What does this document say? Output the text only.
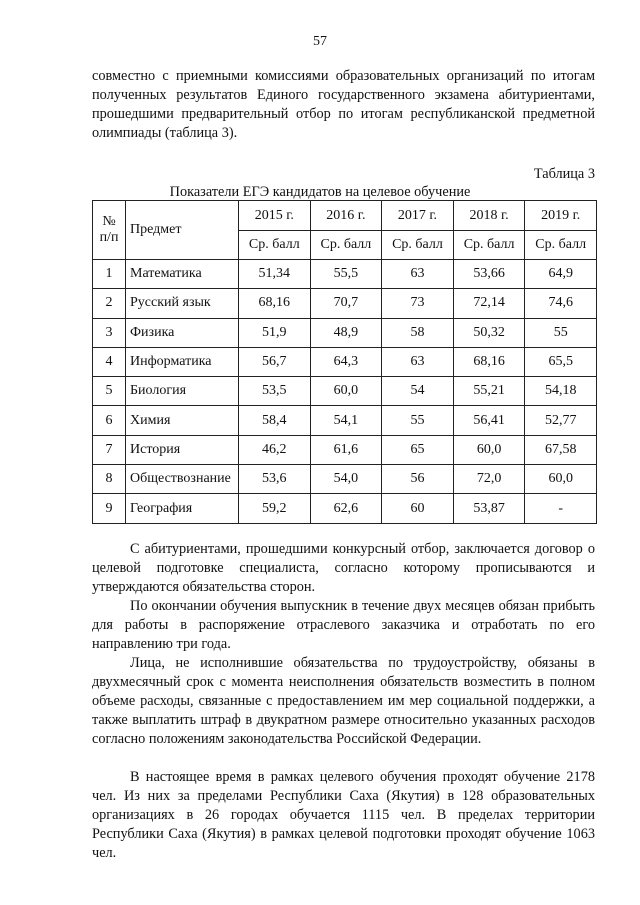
57

совместно с приемными комиссиями образовательных организаций по итогам полученных результатов Единого государственного экзамена абитуриентами, прошедшими предварительный отбор по итогам республиканской предметной олимпиады (таблица 3).

Таблица 3
Показатели ЕГЭ кандидатов на целевое обучение
№ п/п	Предмет	2015 г.	2016 г.	2017 г.	2018 г.	2019 г.
		Ср. балл	Ср. балл	Ср. балл	Ср. балл	Ср. балл
1	Математика	51,34	55,5	63	53,66	64,9
2	Русский язык	68,16	70,7	73	72,14	74,6
3	Физика	51,9	48,9	58	50,32	55
4	Информатика	56,7	64,3	63	68,16	65,5
5	Биология	53,5	60,0	54	55,21	54,18
6	Химия	58,4	54,1	55	56,41	52,77
7	История	46,2	61,6	65	60,0	67,58
8	Обществознание	53,6	54,0	56	72,0	60,0
9	География	59,2	62,6	60	53,87	-

С абитуриентами, прошедшими конкурсный отбор, заключается договор о целевой подготовке специалиста, согласно которому прописываются и утверждаются обязательства сторон.

По окончании обучения выпускник в течение двух месяцев обязан прибыть для работы в распоряжение отраслевого заказчика и отработать по его направлению три года.

Лица, не исполнившие обязательства по трудоустройству, обязаны в двухмесячный срок с момента неисполнения обязательств возместить в полном объеме расходы, связанные с предоставлением им мер социальной поддержки, а также выплатить штраф в двукратном размере относительно указанных расходов согласно положениям законодательства Российской Федерации.

В настоящее время в рамках целевого обучения проходят обучение 2178 чел. Из них за пределами Республики Саха (Якутия) в 128 образовательных организациях в 26 городах обучается 1115 чел. В пределах территории Республики Саха (Якутия) в рамках целевой подготовки проходят обучение 1063 чел.
